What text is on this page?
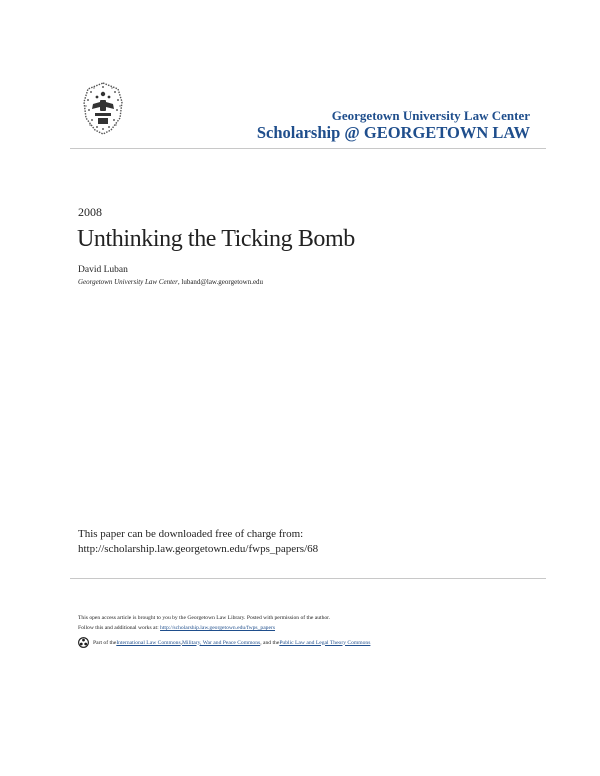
Georgetown University Law Center
Scholarship @ GEORGETOWN LAW
2008
Unthinking the Ticking Bomb
David Luban
Georgetown University Law Center, luband@law.georgetown.edu
This paper can be downloaded free of charge from:
http://scholarship.law.georgetown.edu/fwps_papers/68
This open access article is brought to you by the Georgetown Law Library. Posted with permission of the author.
Follow this and additional works at: http://scholarship.law.georgetown.edu/fwps_papers
Part of the International Law Commons , Military, War and Peace Commons , and the Public Law and Legal Theory Commons
